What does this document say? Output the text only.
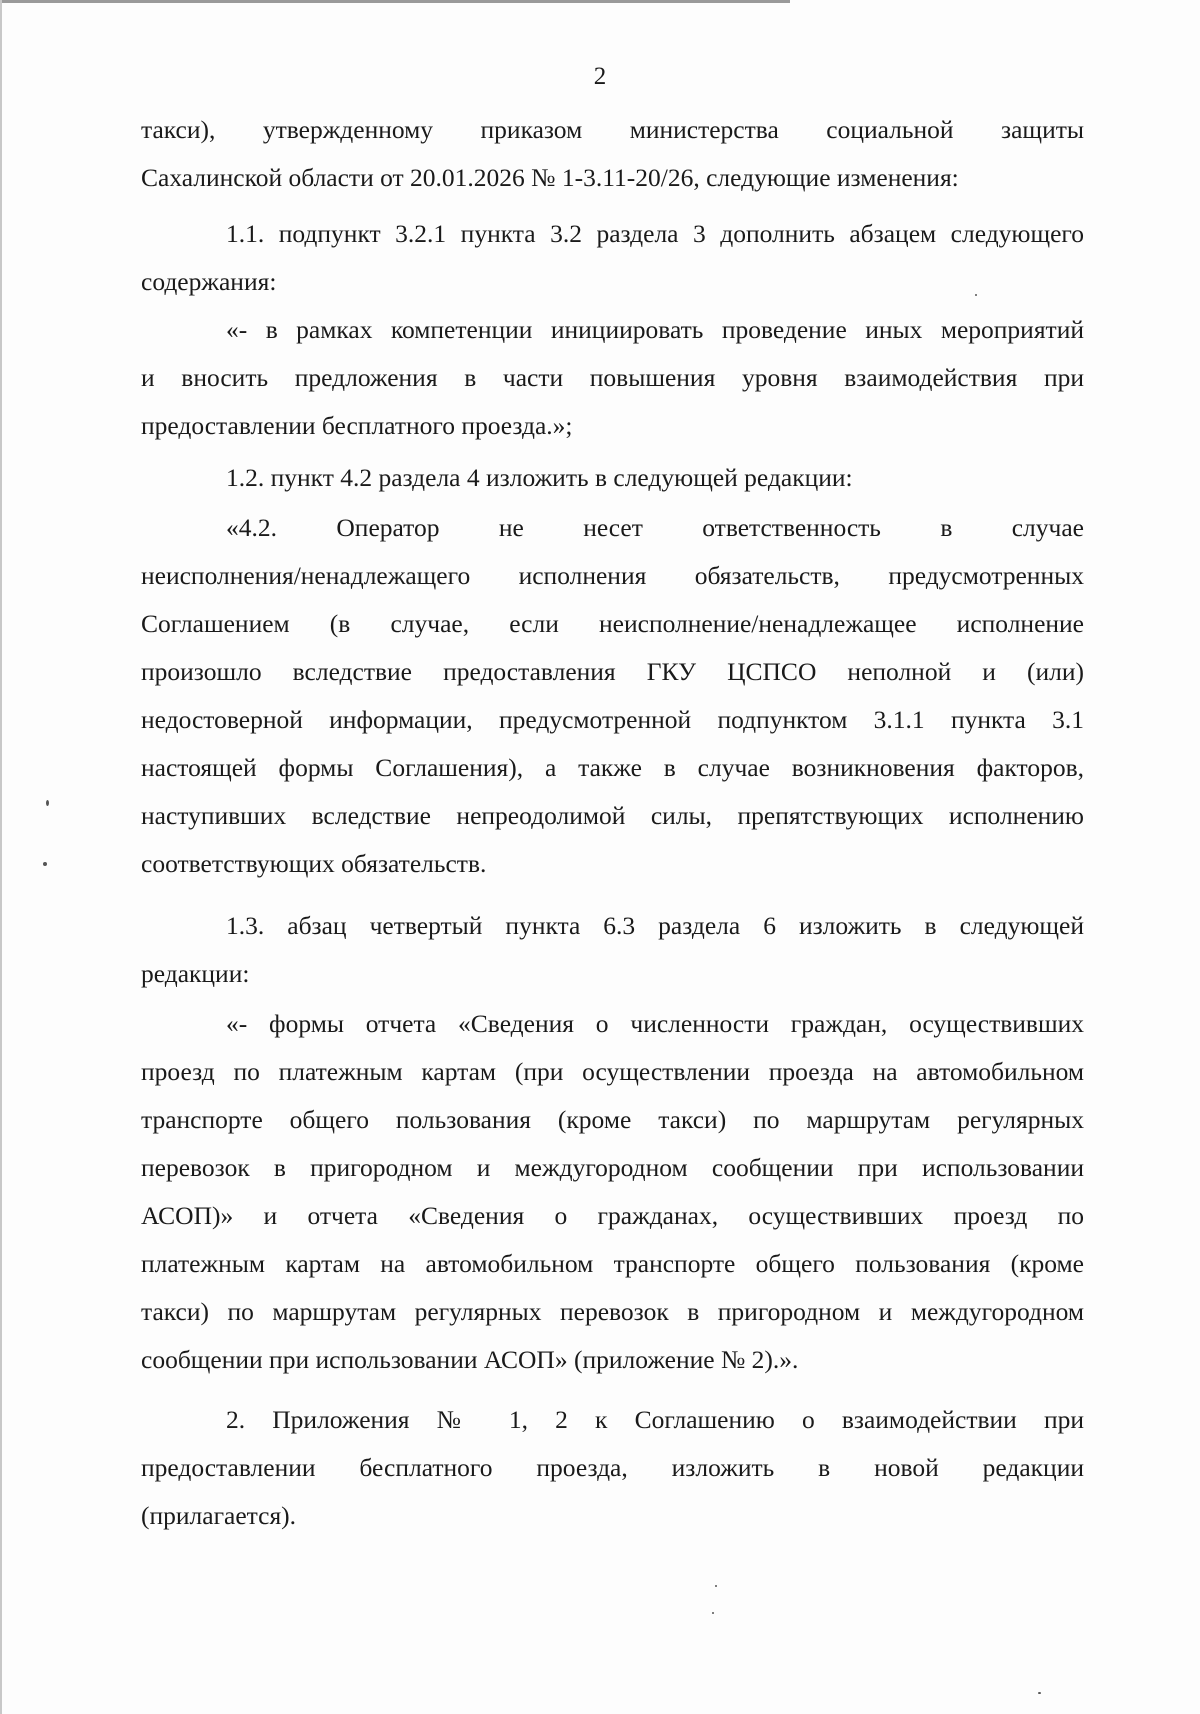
2
такси), утвержденному приказом министерства социальной защиты
Сахалинской области от 20.01.2026 № 1-3.11-20/26, следующие изменения:
1.1. подпункт 3.2.1 пункта 3.2 раздела 3 дополнить абзацем следующего
содержания:
«- в рамках компетенции инициировать проведение иных мероприятий
и вносить предложения в части повышения уровня взаимодействия при
предоставлении бесплатного проезда.»;
1.2. пункт 4.2 раздела 4 изложить в следующей редакции:
«4.2. Оператор не несет ответственность в случае
неисполнения/ненадлежащего исполнения обязательств, предусмотренных
Соглашением (в случае, если неисполнение/ненадлежащее исполнение
произошло вследствие предоставления ГКУ ЦСПСО неполной и (или)
недостоверной информации, предусмотренной подпунктом 3.1.1 пункта 3.1
настоящей формы Соглашения), а также в случае возникновения факторов,
наступивших вследствие непреодолимой силы, препятствующих исполнению
соответствующих обязательств.
1.3. абзац четвертый пункта 6.3 раздела 6 изложить в следующей
редакции:
«- формы отчета «Сведения о численности граждан, осуществивших
проезд по платежным картам (при осуществлении проезда на автомобильном
транспорте общего пользования (кроме такси) по маршрутам регулярных
перевозок в пригородном и междугородном сообщении при использовании
АСОП)» и отчета «Сведения о гражданах, осуществивших проезд по
платежным картам на автомобильном транспорте общего пользования (кроме
такси) по маршрутам регулярных перевозок в пригородном и междугородном
сообщении при использовании АСОП» (приложение № 2).».
2. Приложения № 1, 2 к Соглашению о взаимодействии при
предоставлении бесплатного проезда, изложить в новой редакции
(прилагается).
